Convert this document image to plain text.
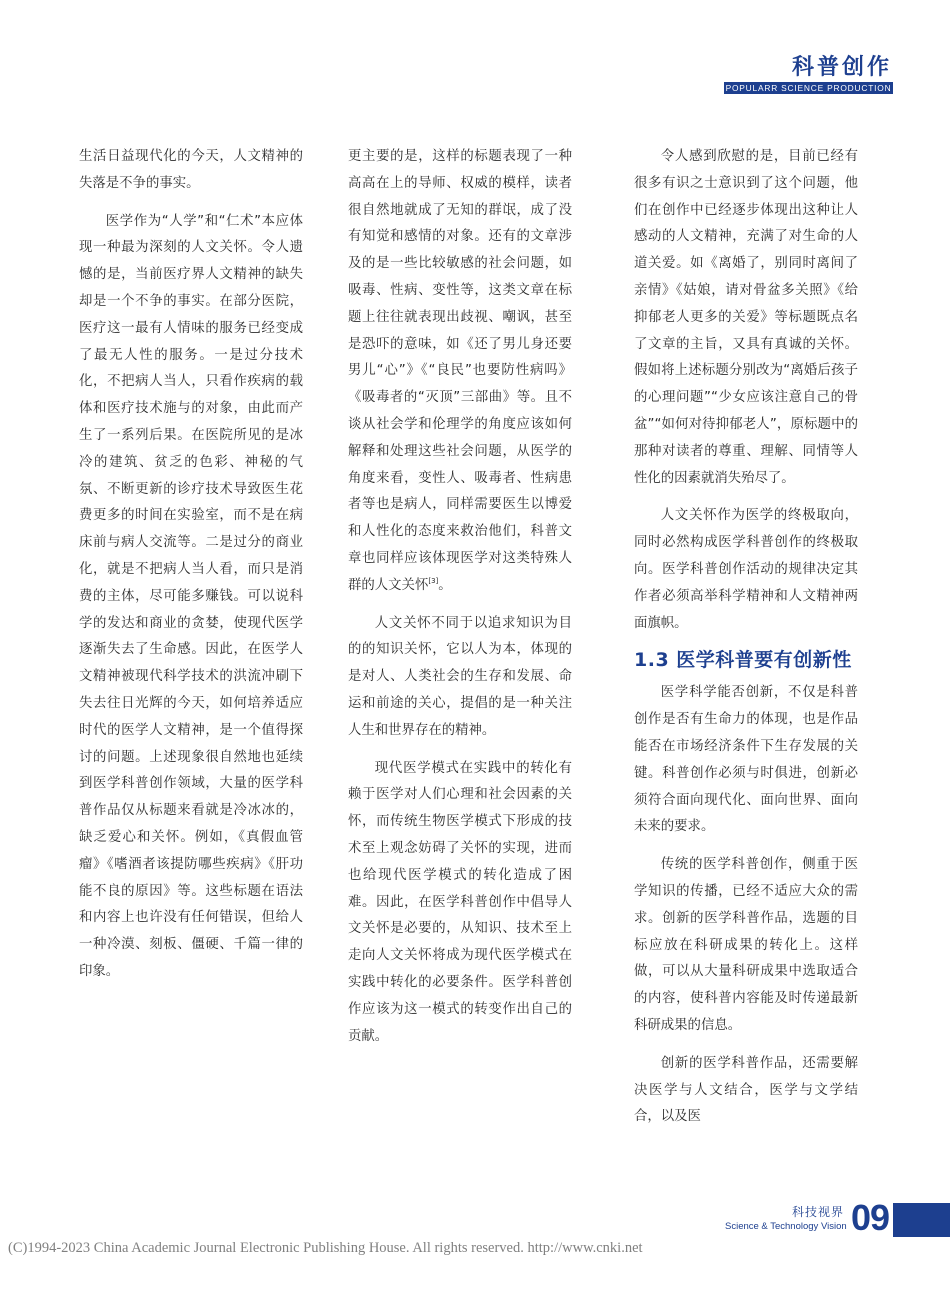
科普创作
POPULARR SCIENCE PRODUCTION

生活日益现代化的今天，人文精神的失落是不争的事实。

医学作为“人学”和“仁术”本应体现一种最为深刻的人文关怀。令人遗憾的是，当前医疗界人文精神的缺失却是一个不争的事实。在部分医院，医疗这一最有人情味的服务已经变成了最无人性的服务。一是过分技术化，不把病人当人，只看作疾病的载体和医疗技术施与的对象，由此而产生了一系列后果。在医院所见的是冰冷的建筑、贫乏的色彩、神秘的气氛、不断更新的诊疗技术导致医生花费更多的时间在实验室，而不是在病床前与病人交流等。二是过分的商业化，就是不把病人当人看，而只是消费的主体，尽可能多赚钱。可以说科学的发达和商业的贪婪，使现代医学逐渐失去了生命感。因此，在医学人文精神被现代科学技术的洪流冲刷下失去往日光辉的今天，如何培养适应时代的医学人文精神，是一个值得探讨的问题。上述现象很自然地也延续到医学科普创作领域，大量的医学科普作品仅从标题来看就是冷冰冰的，缺乏爱心和关怀。例如，《真假血管瘤》《嗜酒者该提防哪些疾病》《肝功能不良的原因》等。这些标题在语法和内容上也许没有任何错误，但给人一种冷漠、刻板、僵硬、千篇一律的印象。

更主要的是，这样的标题表现了一种高高在上的导师、权威的模样，读者很自然地就成了无知的群氓，成了没有知觉和感情的对象。还有的文章涉及的是一些比较敏感的社会问题，如吸毒、性病、变性等，这类文章在标题上往往就表现出歧视、嘲讽，甚至是恐吓的意味，如《还了男儿身还要男儿“心”》《“良民”也要防性病吗》《吸毒者的“灭顶”三部曲》等。且不谈从社会学和伦理学的角度应该如何解释和处理这些社会问题，从医学的角度来看，变性人、吸毒者、性病患者等也是病人，同样需要医生以博爱和人性化的态度来救治他们，科普文章也同样应该体现医学对这类特殊人群的人文关怀[3]。

人文关怀不同于以追求知识为目的的知识关怀，它以人为本，体现的是对人、人类社会的生存和发展、命运和前途的关心，提倡的是一种关注人生和世界存在的精神。

现代医学模式在实践中的转化有赖于医学对人们心理和社会因素的关怀，而传统生物医学模式下形成的技术至上观念妨碍了关怀的实现，进而也给现代医学模式的转化造成了困难。因此，在医学科普创作中倡导人文关怀是必要的，从知识、技术至上走向人文关怀将成为现代医学模式在实践中转化的必要条件。医学科普创作应该为这一模式的转变作出自己的贡献。

令人感到欣慰的是，目前已经有很多有识之士意识到了这个问题，他们在创作中已经逐步体现出这种让人感动的人文精神，充满了对生命的人道关爱。如《离婚了，别同时离间了亲情》《姑娘，请对骨盆多关照》《给抑郁老人更多的关爱》等标题既点名了文章的主旨，又具有真诚的关怀。假如将上述标题分别改为“离婚后孩子的心理问题”“少女应该注意自己的骨盆”“如何对待抑郁老人”，原标题中的那种对读者的尊重、理解、同情等人性化的因素就消失殆尽了。

人文关怀作为医学的终极取向，同时必然构成医学科普创作的终极取向。医学科普创作活动的规律决定其作者必须高举科学精神和人文精神两面旗帜。

1.3 医学科普要有创新性

医学科学能否创新，不仅是科普创作是否有生命力的体现，也是作品能否在市场经济条件下生存发展的关键。科普创作必须与时俱进，创新必须符合面向现代化、面向世界、面向未来的要求。

传统的医学科普创作，侧重于医学知识的传播，已经不适应大众的需求。创新的医学科普作品，选题的目标应放在科研成果的转化上。这样做，可以从大量科研成果中选取适合的内容，使科普内容能及时传递最新科研成果的信息。

创新的医学科普作品，还需要解决医学与人文结合，医学与文学结合，以及医

科技视界
Science & Technology Vision 09
(C)1994-2023 China Academic Journal Electronic Publishing House. All rights reserved. http://www.cnki.net
